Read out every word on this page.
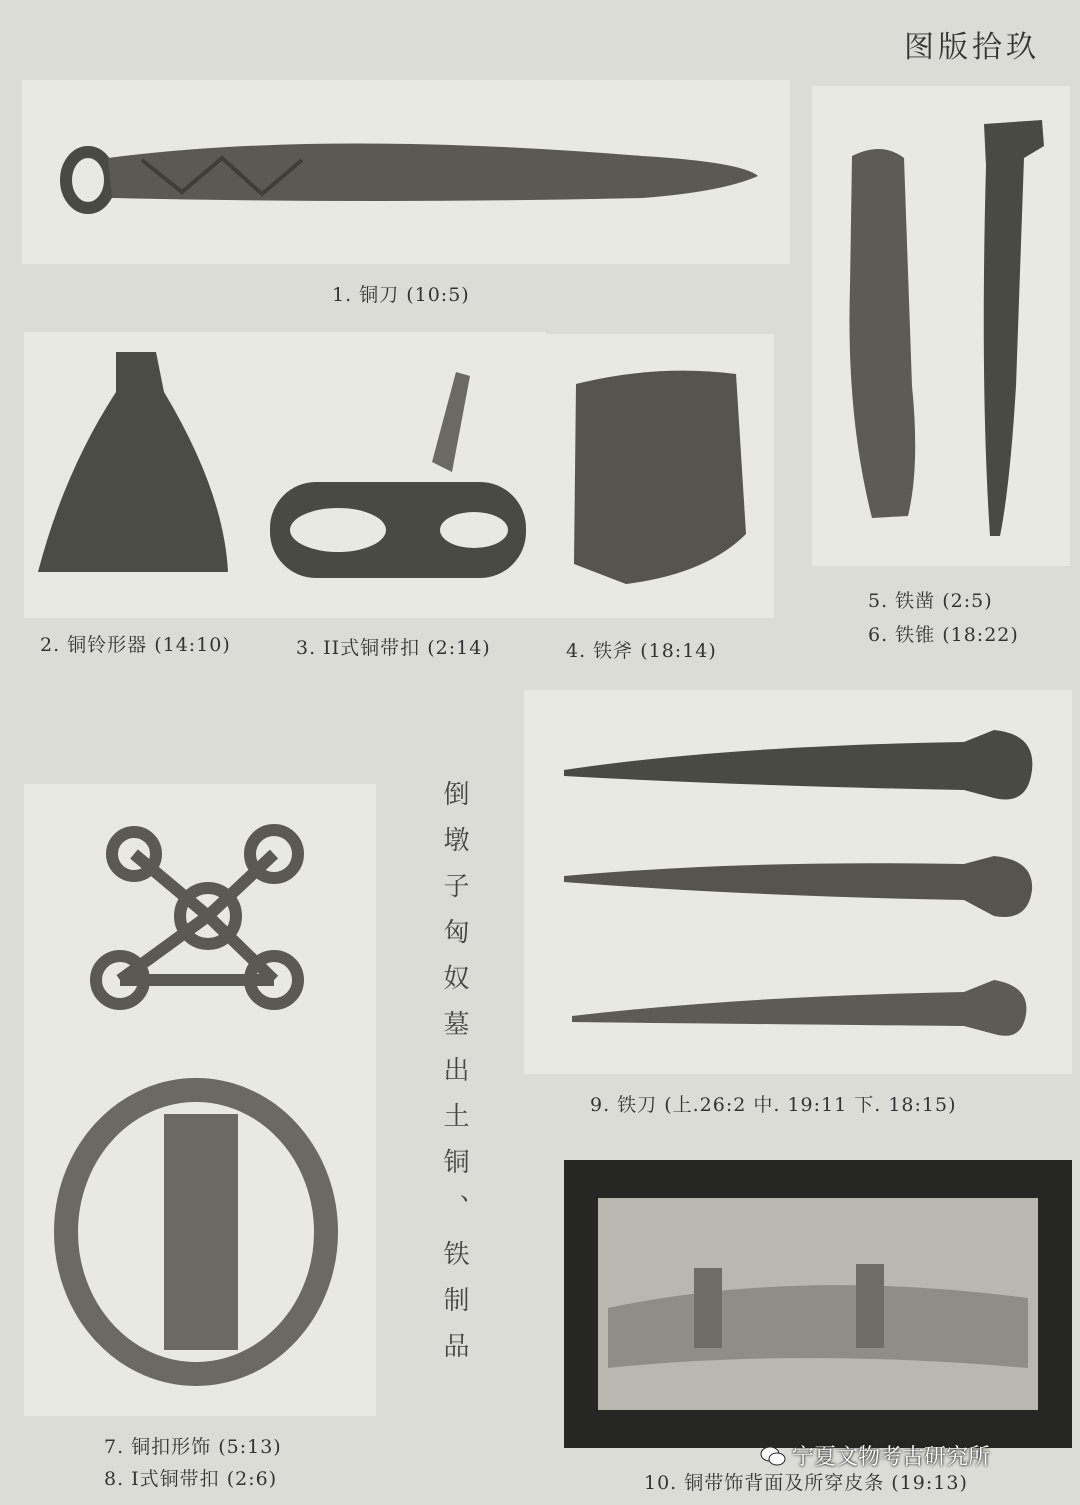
图版拾玖
1. 铜刀 (10:5)
2. 铜铃形器 (14:10)	3. II式铜带扣 (2:14)	4. 铁斧 (18:14)
5. 铁凿 (2:5)
6. 铁锥 (18:22)
倒墩子匈奴墓出土铜、铁制品
7. 铜扣形饰 (5:13)
8. I式铜带扣 (2:6)
9. 铁刀 (上.26:2 中. 19:11 下. 18:15)
10. 铜带饰背面及所穿皮条 (19:13)
宁夏文物考古研究所
